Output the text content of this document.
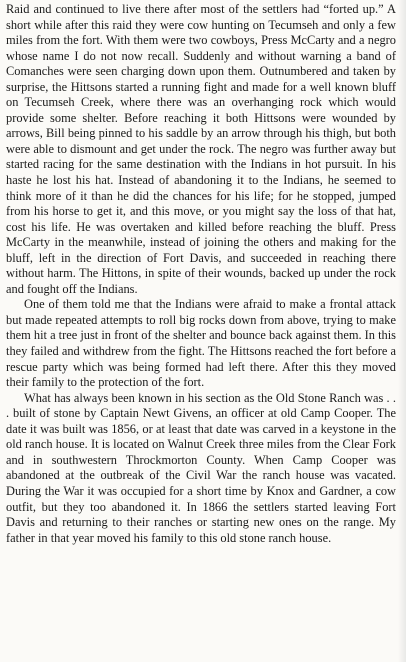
Raid and continued to live there after most of the settlers had “forted up.” A short while after this raid they were cow hunting on Tecumseh and only a few miles from the fort. With them were two cowboys, Press McCarty and a negro whose name I do not now recall. Suddenly and without warning a band of Comanches were seen charging down upon them. Outnumbered and taken by surprise, the Hittsons started a running fight and made for a well known bluff on Tecumseh Creek, where there was an overhanging rock which would provide some shelter. Before reaching it both Hittsons were wounded by arrows, Bill being pinned to his saddle by an arrow through his thigh, but both were able to dismount and get under the rock. The negro was further away but started racing for the same destination with the Indians in hot pursuit. In his haste he lost his hat. Instead of abandoning it to the Indians, he seemed to think more of it than he did the chances for his life; for he stopped, jumped from his horse to get it, and this move, or you might say the loss of that hat, cost his life. He was overtaken and killed before reaching the bluff. Press McCarty in the meanwhile, instead of joining the others and making for the bluff, left in the direction of Fort Davis, and succeeded in reaching there without harm. The Hittons, in spite of their wounds, backed up under the rock and fought off the Indians.

One of them told me that the Indians were afraid to make a frontal attack but made repeated attempts to roll big rocks down from above, trying to make them hit a tree just in front of the shelter and bounce back against them. In this they failed and withdrew from the fight. The Hittsons reached the fort before a rescue party which was being formed had left there. After this they moved their family to the protection of the fort.

What has always been known in his section as the Old Stone Ranch was . . . built of stone by Captain Newt Givens, an officer at old Camp Cooper. The date it was built was 1856, or at least that date was carved in a keystone in the old ranch house. It is located on Walnut Creek three miles from the Clear Fork and in southwestern Throckmorton County. When Camp Cooper was abandoned at the outbreak of the Civil War the ranch house was vacated. During the War it was occupied for a short time by Knox and Gardner, a cow outfit, but they too abandoned it. In 1866 the settlers started leaving Fort Davis and returning to their ranches or starting new ones on the range. My father in that year moved his family to this old stone ranch house.
